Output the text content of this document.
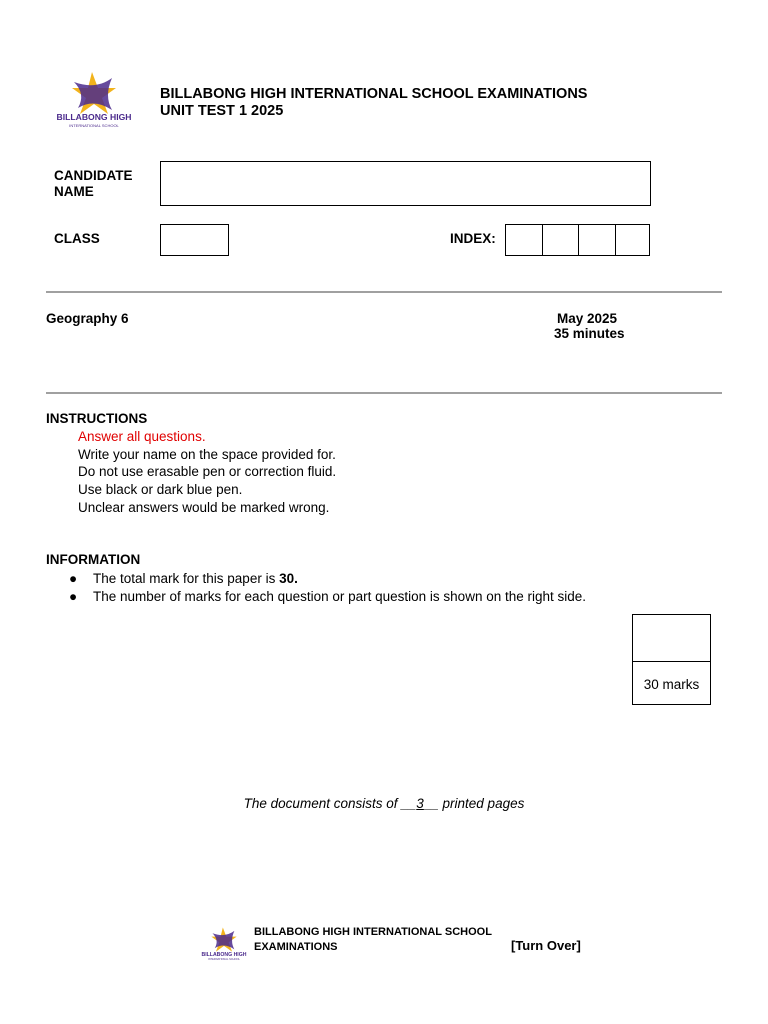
BILLABONG HIGH
INTERNATIONAL SCHOOL
BILLABONG HIGH INTERNATIONAL SCHOOL EXAMINATIONS
UNIT TEST 1 2025
CANDIDATE
NAME
CLASS	INDEX:
Geography 6	May 2025
35 minutes
INSTRUCTIONS
Answer all questions.
Write your name on the space provided for.
Do not use erasable pen or correction fluid.
Use black or dark blue pen.
Unclear answers would be marked wrong.
INFORMATION
● The total mark for this paper is 30.
● The number of marks for each question or part question is shown on the right side.
30 marks
The document consists of __3__ printed pages
BILLABONG HIGH
INTERNATIONAL SCHOOL
BILLABONG HIGH INTERNATIONAL SCHOOL
EXAMINATIONS	[Turn Over]
